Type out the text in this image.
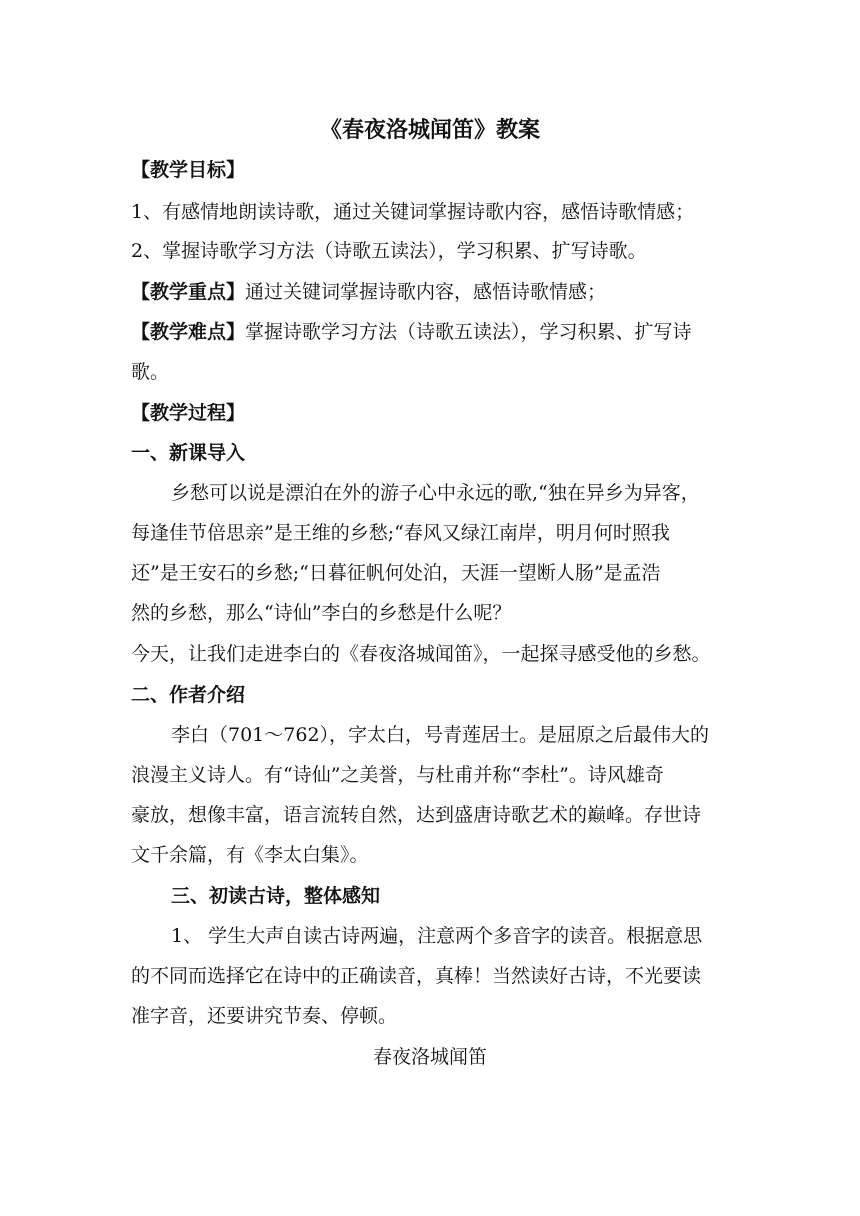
《春夜洛城闻笛》教案
【教学目标】
1、有感情地朗读诗歌，通过关键词掌握诗歌内容，感悟诗歌情感；
2、掌握诗歌学习方法（诗歌五读法），学习积累、扩写诗歌。
【教学重点】通过关键词掌握诗歌内容，感悟诗歌情感；
【教学难点】掌握诗歌学习方法（诗歌五读法），学习积累、扩写诗
歌。
【教学过程】
一、新课导入
乡愁可以说是漂泊在外的游子心中永远的歌,“独在异乡为异客，
每逢佳节倍思亲”是王维的乡愁;“春风又绿江南岸，明月何时照我
还”是王安石的乡愁;“日暮征帆何处泊，天涯一望断人肠”是孟浩
然的乡愁，那么“诗仙”李白的乡愁是什么呢？
今天，让我们走进李白的《春夜洛城闻笛》，一起探寻感受他的乡愁。
二、作者介绍
李白（701～762），字太白，号青莲居士。是屈原之后最伟大的
浪漫主义诗人。有“诗仙”之美誉，与杜甫并称“李杜”。诗风雄奇
豪放，想像丰富，语言流转自然，达到盛唐诗歌艺术的巅峰。存世诗
文千余篇，有《李太白集》。
三、初读古诗，整体感知
1、 学生大声自读古诗两遍，注意两个多音字的读音。根据意思
的不同而选择它在诗中的正确读音，真棒！当然读好古诗，不光要读
准字音，还要讲究节奏、停顿。
春夜洛城闻笛
